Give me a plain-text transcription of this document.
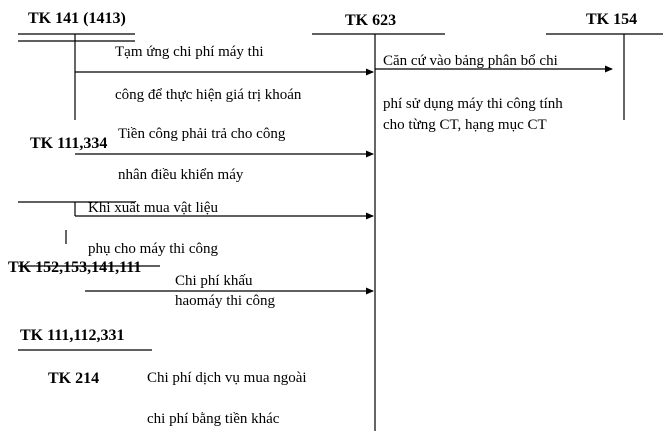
TK 141 (1413)	TK 623	TK 154
Tạm ứng chi phí máy thi
công để thực hiện giá trị khoán
Căn cứ vào bảng phân bổ chi
phí sử dụng máy thi công tính
cho từng CT, hạng mục CT
TK 111,334
Tiền công phải trả cho công
nhân điều khiển máy
Khi xuất mua vật liệu
phụ cho máy thi công
TK 152,153,141,111
Chi phí khấu
haomáy thi công
TK 111,112,331
TK 214	Chi phí dịch vụ mua ngoài
chi phí bằng tiền khác
